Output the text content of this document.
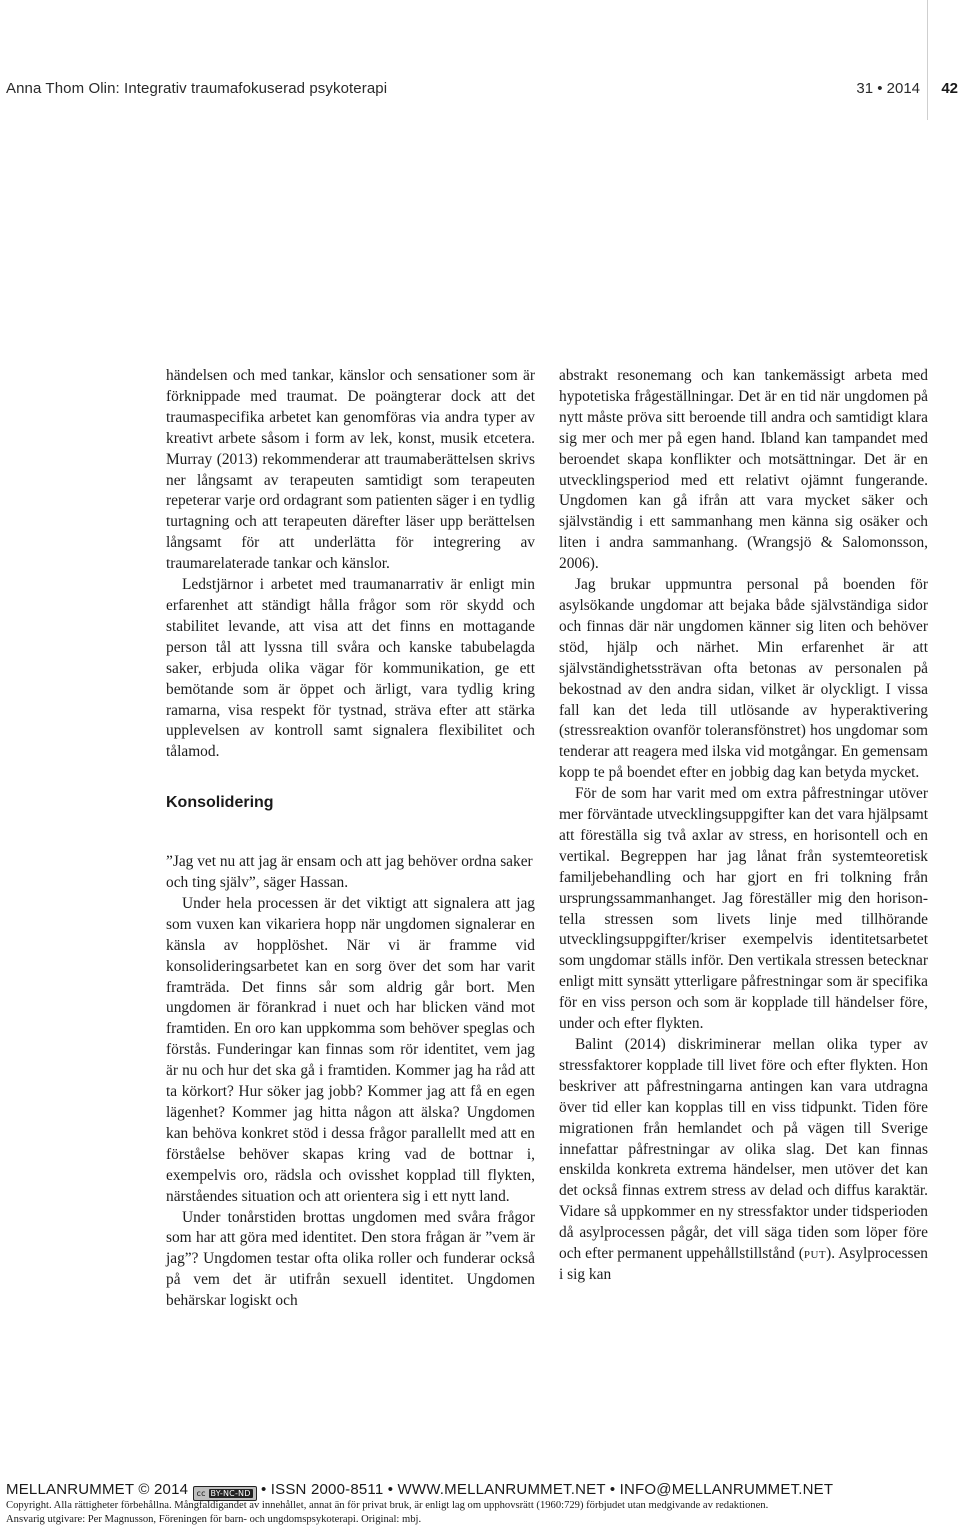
Anna Thom Olin: Integrativ traumafokuserad psykoterapi	31 • 2014 42

händelsen och med tankar, känslor och sensationer som är förknippade med traumat. De poängterar dock att det traumaspecifika arbetet kan genomföras via andra typer av kreativt arbete såsom i form av lek, konst, musik etcetera. Murray (2013) rekommenderar att traumaberättelsen skrivs ner långsamt av terapeuten samtidigt som terapeuten repeterar varje ord ordagrant som patienten säger i en tydlig turtagning och att terapeuten därefter läser upp berättelsen långsamt för att underlätta för integrering av traumarelaterade tankar och känslor.

Ledstjärnor i arbetet med traumanarrativ är enligt min erfarenhet att ständigt hålla frågor som rör skydd och stabilitet levande, att visa att det finns en mottagande person tål att lyssna till svåra och kanske tabubelagda saker, erbjuda olika vägar för kommunikation, ge ett bemötande som är öppet och ärligt, vara tydlig kring ramarna, visa respekt för tystnad, sträva efter att stärka upplevelsen av kontroll samt signalera flexibilitet och tålamod.

Konsolidering

”Jag vet nu att jag är ensam och att jag behöver ordna saker och ting själv”, säger Hassan.

Under hela processen är det viktigt att signalera att jag som vuxen kan vikariera hopp när ungdomen signalerar en känsla av hopplöshet. När vi är framme vid konsolideringsarbetet kan en sorg över det som har varit framträda. Det finns sår som aldrig går bort. Men ungdomen är förankrad i nuet och har blicken vänd mot framtiden. En oro kan uppkomma som behöver speglas och förstås. Funderingar kan finnas som rör identitet, vem jag är nu och hur det ska gå i framtiden. Kommer jag ha råd att ta körkort? Hur söker jag jobb? Kommer jag att få en egen lägenhet? Kommer jag hitta någon att älska? Ungdomen kan behöva konkret stöd i dessa frågor parallellt med att en förståelse behöver skapas kring vad de bottnar i, exempelvis oro, rädsla och ovisshet kopplad till flykten, närståendes situation och att orientera sig i ett nytt land.

Under tonårstiden brottas ungdomen med svåra frågor som har att göra med identitet. Den stora frågan är ”vem är jag”? Ungdomen testar ofta olika roller och funderar också på vem det är utifrån sexuell identitet. Ungdomen behärskar logiskt och

abstrakt resonemang och kan tankemässigt arbeta med hypotetiska frågeställningar. Det är en tid när ungdomen på nytt måste pröva sitt beroende till andra och samtidigt klara sig mer och mer på egen hand. Ibland kan tampandet med beroendet skapa konflikter och motsättningar. Det är en utvecklingsperiod med ett relativt ojämnt fungerande. Ungdomen kan gå ifrån att vara mycket säker och självständig i ett sammanhang men känna sig osäker och liten i andra sammanhang. (Wrangsjö & Salomonsson, 2006).

Jag brukar uppmuntra personal på boenden för asylsökande ungdomar att bejaka både självständiga sidor och finnas där när ungdomen känner sig liten och behöver stöd, hjälp och närhet. Min erfarenhet är att självständighetssträvan ofta betonas av personalen på bekostnad av den andra sidan, vilket är olyckligt. I vissa fall kan det leda till utlösande av hyperaktivering (stressreaktion ovanför toleransfönstret) hos ungdomar som tenderar att reagera med ilska vid motgångar. En gemensam kopp te på boendet efter en jobbig dag kan betyda mycket.

För de som har varit med om extra påfrestningar utöver mer förväntade utvecklingsuppgifter kan det vara hjälpsamt att föreställa sig två axlar av stress, en horisontell och en vertikal. Begreppen har jag lånat från systemteoretisk familjebehandling och har gjort en fri tolkning från ursprungssammanhanget. Jag föreställer mig den horisontella stressen som livets linje med tillhörande utvecklingsuppgifter/kriser exempelvis identitetsarbetet som ungdomar ställs inför. Den vertikala stressen betecknar enligt mitt synsätt ytterligare påfrestningar som är specifika för en viss person och som är kopplade till händelser före, under och efter flykten.

Balint (2014) diskriminerar mellan olika typer av stressfaktorer kopplade till livet före och efter flykten. Hon beskriver att påfrestningarna antingen kan vara utdragna över tid eller kan kopplas till en viss tidpunkt. Tiden före migrationen från hemlandet och på vägen till Sverige innefattar påfrestningar av olika slag. Det kan finnas enskilda konkreta extrema händelser, men utöver det kan det också finnas extrem stress av delad och diffus karaktär. Vidare så uppkommer en ny stressfaktor under tidsperioden då asylprocessen pågår, det vill säga tiden som löper före och efter permanent uppehållstillstånd (put). Asylprocessen i sig kan

MELLANRUMMET © 2014 cc BY-NC-ND • ISSN 2000-8511 • WWW.MELLANRUMMET.NET • INFO@MELLANRUMMET.NET
Copyright. Alla rättigheter förbehållna. Mångfaldigandet av innehållet, annat än för privat bruk, är enligt lag om upphovsrätt (1960:729) förbjudet utan medgivande av redaktionen.
Ansvarig utgivare: Per Magnusson, Föreningen för barn- och ungdomspsykoterapi. Original: mbj.
